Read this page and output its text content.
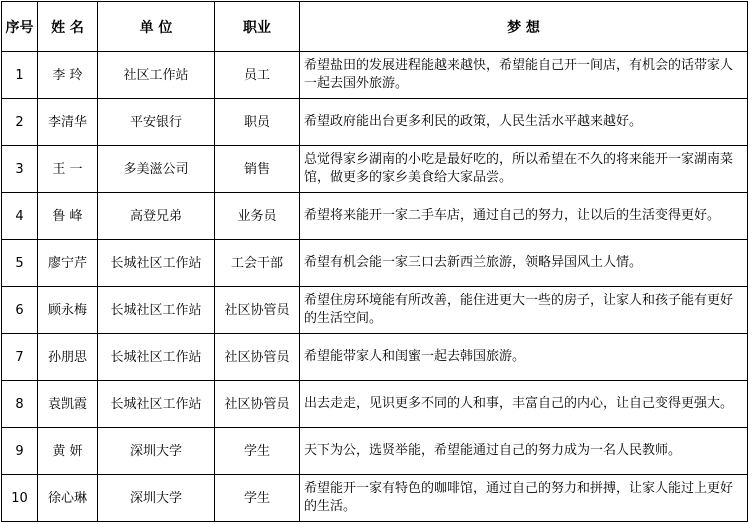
序号	姓 名	单 位	职业	梦 想
1	李 玲	社区工作站	员工	希望盐田的发展进程能越来越快，希望能自己开一间店，有机会的话带家人一起去国外旅游。
2	李清华	平安银行	职员	希望政府能出台更多利民的政策，人民生活水平越来越好。
3	王 一	多美滋公司	销售	总觉得家乡湖南的小吃是最好吃的，所以希望在不久的将来能开一家湖南菜馆，做更多的家乡美食给大家品尝。
4	鲁 峰	高登兄弟	业务员	希望将来能开一家二手车店，通过自己的努力，让以后的生活变得更好。
5	廖宁芹	长城社区工作站	工会干部	希望有机会能一家三口去新西兰旅游，领略异国风土人情。
6	顾永梅	长城社区工作站	社区协管员	希望住房环境能有所改善，能住进更大一些的房子，让家人和孩子能有更好的生活空间。
7	孙朋思	长城社区工作站	社区协管员	希望能带家人和闺蜜一起去韩国旅游。
8	袁凯霞	长城社区工作站	社区协管员	出去走走，见识更多不同的人和事，丰富自己的内心，让自己变得更强大。
9	黄 妍	深圳大学	学生	天下为公，选贤举能，希望能通过自己的努力成为一名人民教师。
10	徐心琳	深圳大学	学生	希望能开一家有特色的咖啡馆，通过自己的努力和拼搏，让家人能过上更好的生活。
